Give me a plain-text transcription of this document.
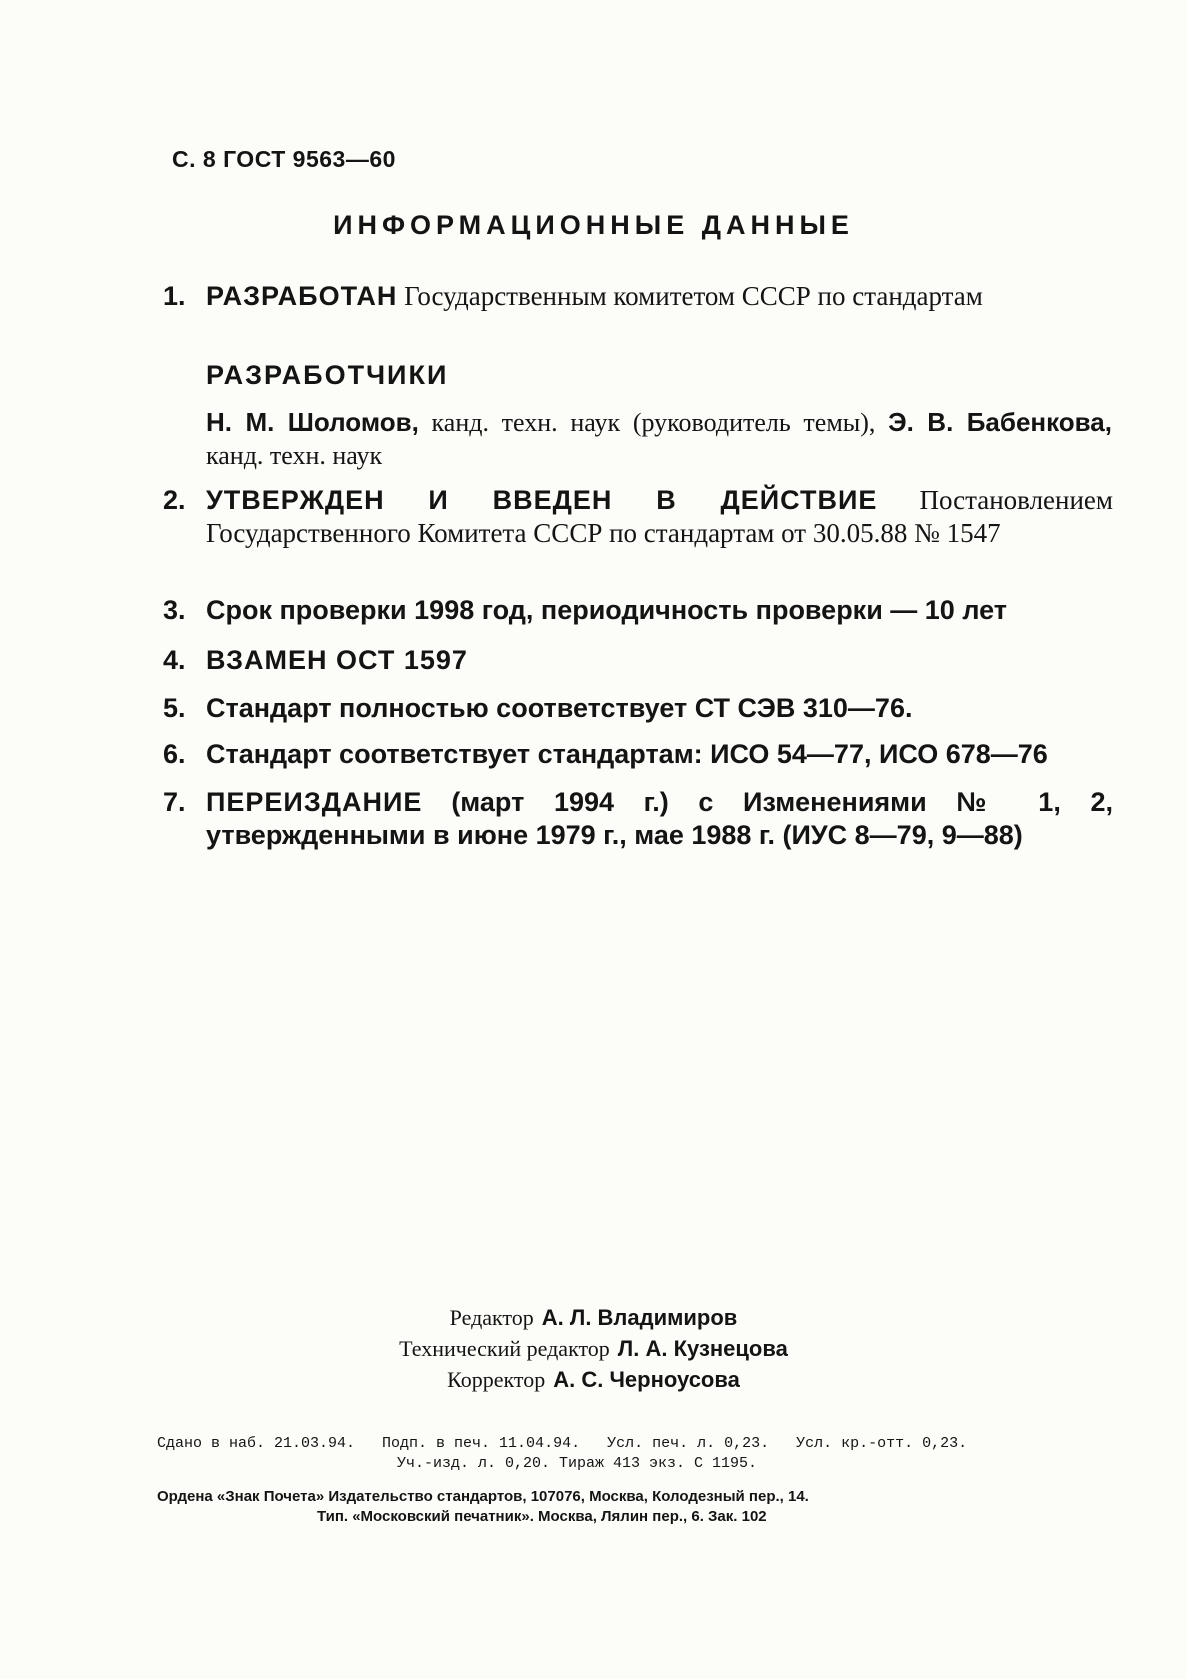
С. 8 ГОСТ 9563—60
ИНФОРМАЦИОННЫЕ ДАННЫЕ
1. РАЗРАБОТАН Государственным комитетом СССР по стандартам
РАЗРАБОТЧИКИ
Н. М. Шоломов, канд. техн. наук (руководитель темы), Э. В. Бабенкова, канд. техн. наук
2. УТВЕРЖДЕН И ВВЕДЕН В ДЕЙСТВИЕ Постановлением Государственного Комитета СССР по стандартам от 30.05.88 № 1547
3. Срок проверки 1998 год, периодичность проверки — 10 лет
4. ВЗАМЕН ОСТ 1597
5. Стандарт полностью соответствует СТ СЭВ 310—76.
6. Стандарт соответствует стандартам: ИСО 54—77, ИСО 678—76
7. ПЕРЕИЗДАНИЕ (март 1994 г.) с Изменениями № 1, 2, утвержденными в июне 1979 г., мае 1988 г. (ИУС 8—79, 9—88)
Редактор А. Л. Владимиров
Технический редактор Л. А. Кузнецова
Корректор А. С. Черноусова
Сдано в наб. 21.03.94.   Подп. в печ. 11.04.94.   Усл. печ. л. 0,23.   Усл. кр.-отт. 0,23.
Уч.-изд. л. 0,20. Тираж 413 экз. С 1195.
Ордена «Знак Почета» Издательство стандартов, 107076, Москва, Колодезный пер., 14.
Тип. «Московский печатник». Москва, Лялин пер., 6. Зак. 102
